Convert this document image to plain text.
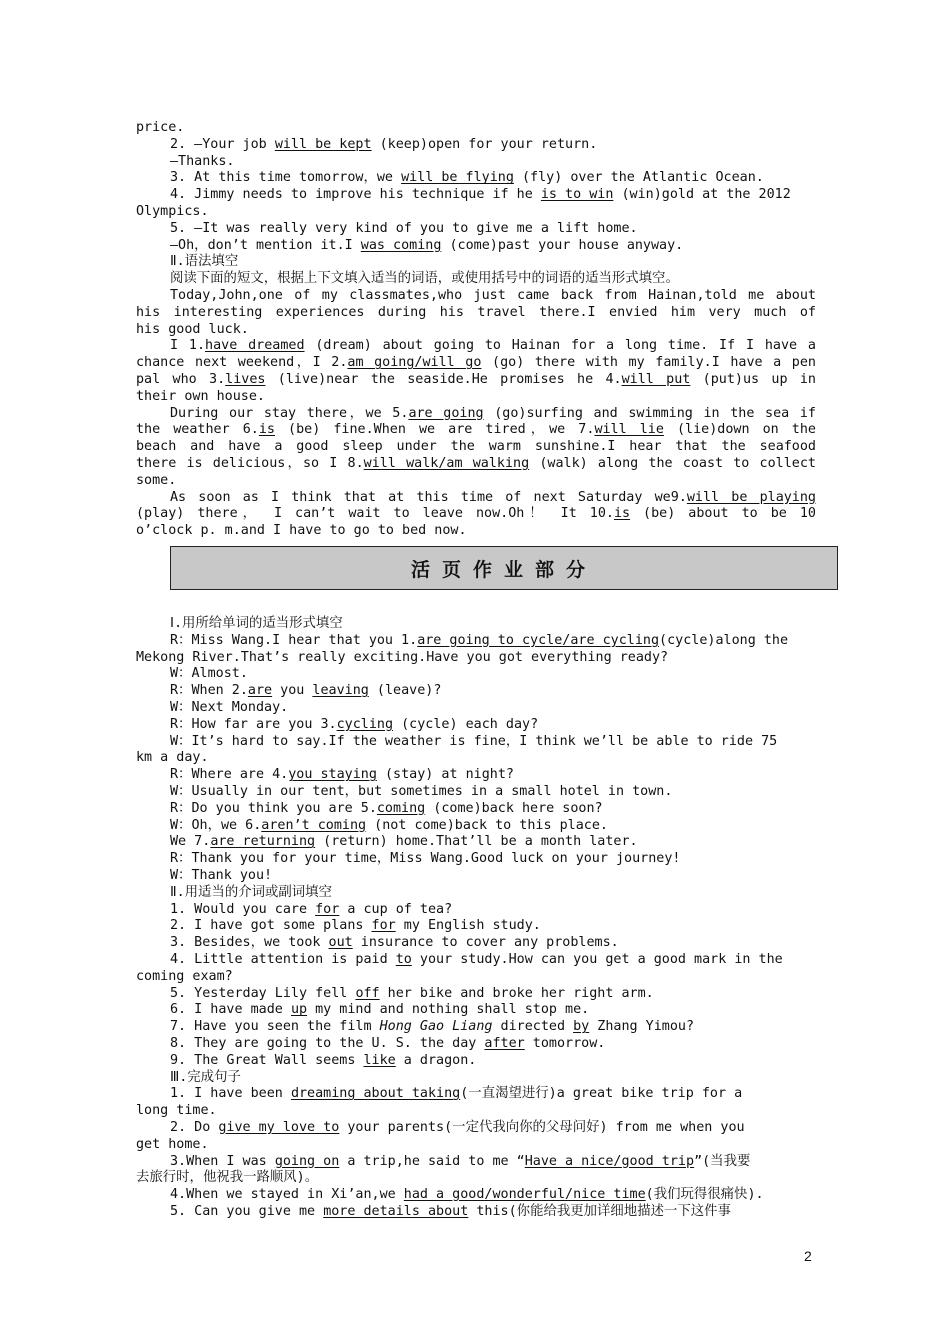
price.
2. —Your job will be kept (keep)open for your return.
—Thanks.
3. At this time tomorrow，we will be flying (fly) over the Atlantic Ocean.
4. Jimmy needs to improve his technique if he is to win (win)gold at the 2012
Olympics.
5. —It was really very kind of you to give me a lift home.
—Oh，don’t mention it.I was coming (come)past your house anyway.
Ⅱ.语法填空
阅读下面的短文，根据上下文填入适当的词语，或使用括号中的词语的适当形式填空。
Today,John,one of my classmates,who just came back from Hainan,told me about
his interesting experiences during his travel there.I envied him very much of
his good luck.
I 1.have dreamed (dream) about going to Hainan for a long time. If I have a
chance next weekend，I 2.am going/will go (go) there with my family.I have a pen
pal who 3.lives (live)near the seaside.He promises he 4.will put (put)us up in
their own house.
During our stay there，we 5.are going (go)surfing and swimming in the sea if
the weather 6.is (be) fine.When we are tired，we 7.will lie (lie)down on the
beach and have a good sleep under the warm sunshine.I hear that the seafood
there is delicious，so I 8.will walk/am walking (walk) along the coast to collect
some.
As soon as I think that at this time of next Saturday we9.will be playing
(play) there， I can’t wait to leave now.Oh！ It 10.is (be) about to be 10
o’clock p. m.and I have to go to bed now.
活页作业部分
Ⅰ.用所给单词的适当形式填空
R：Miss Wang.I hear that you 1.are going to cycle/are cycling(cycle)along the
Mekong River.That’s really exciting.Have you got everything ready?
W：Almost.
R：When 2.are you leaving (leave)?
W：Next Monday.
R：How far are you 3.cycling (cycle) each day?
W：It’s hard to say.If the weather is fine，I think we’ll be able to ride 75
km a day.
R：Where are 4.you staying (stay) at night?
W：Usually in our tent，but sometimes in a small hotel in town.
R：Do you think you are 5.coming (come)back here soon?
W：Oh，we 6.aren’t coming (not come)back to this place.
We 7.are returning (return) home.That’ll be a month later.
R：Thank you for your time，Miss Wang.Good luck on your journey!
W：Thank you!
Ⅱ.用适当的介词或副词填空
1. Would you care for a cup of tea?
2. I have got some plans for my English study.
3. Besides，we took out insurance to cover any problems.
4. Little attention is paid to your study.How can you get a good mark in the
coming exam?
5. Yesterday Lily fell off her bike and broke her right arm.
6. I have made up my mind and nothing shall stop me.
7. Have you seen the film Hong Gao Liang directed by Zhang Yimou?
8. They are going to the U. S. the day after tomorrow.
9. The Great Wall seems like a dragon.
Ⅲ.完成句子
1. I have been dreaming about taking(一直渴望进行)a great bike trip for a
long time.
2. Do give my love to your parents(一定代我向你的父母问好) from me when you
get home.
3.When I was going on a trip,he said to me “Have a nice/good trip”(当我要
去旅行时，他祝我一路顺风)。
4.When we stayed in Xi’an,we had a good/wonderful/nice time(我们玩得很痛快).
5. Can you give me more details about this(你能给我更加详细地描述一下这件事
2
